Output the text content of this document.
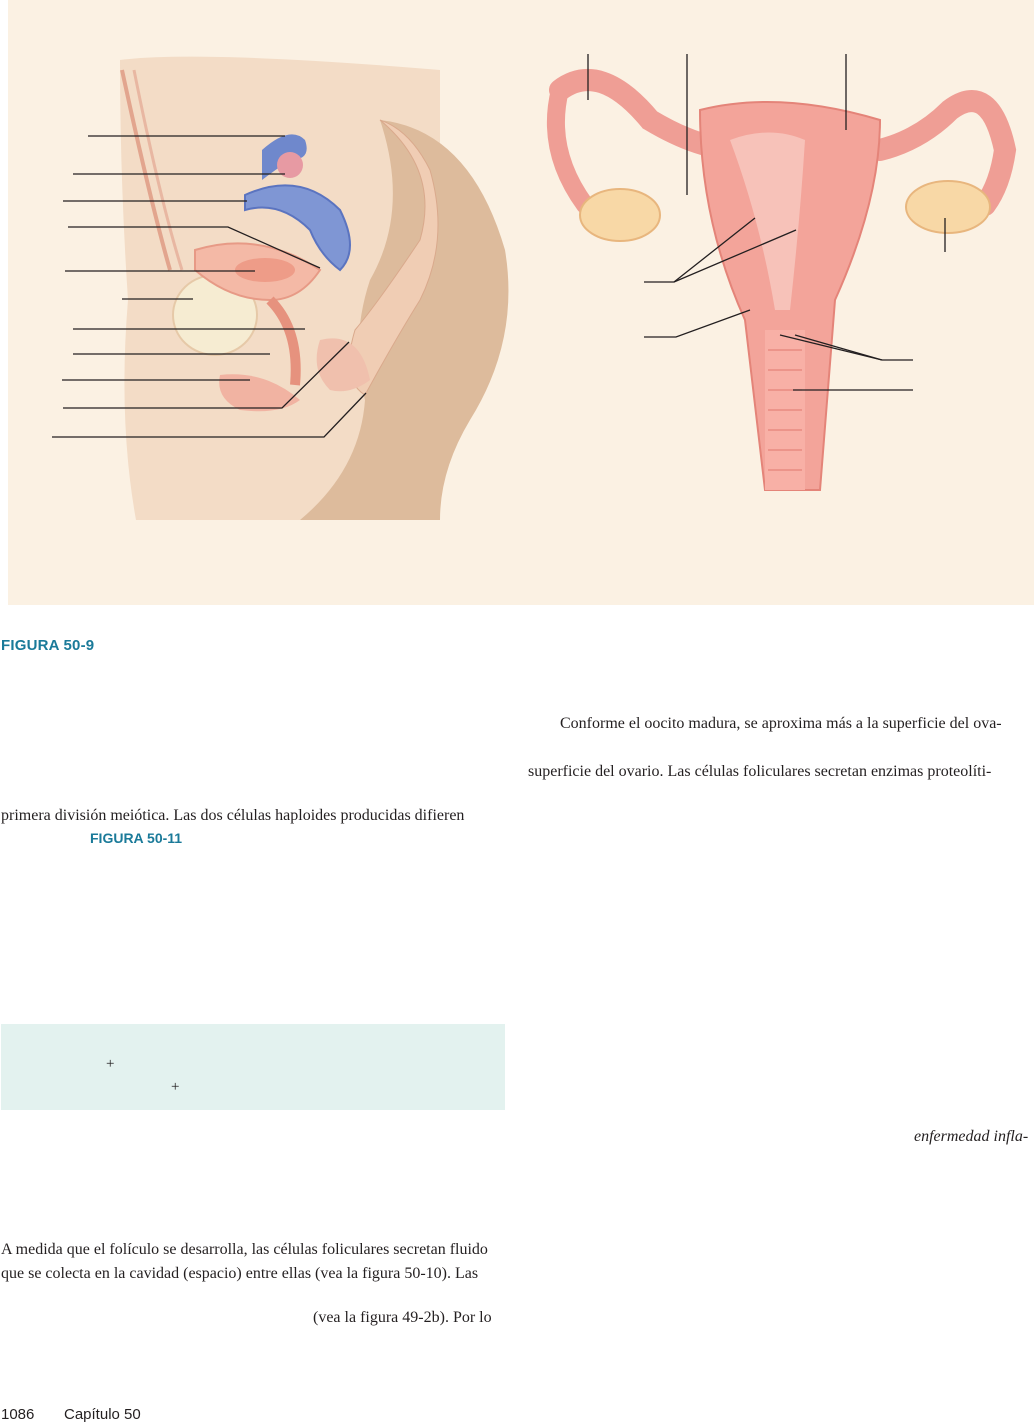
FIGURA 50-9
primera división meiótica. Las dos células haploides producidas difieren
FIGURA 50-11
+
+
A medida que el folículo se desarrolla, las células foliculares secretan fluido
que se colecta en la cavidad (espacio) entre ellas (vea la figura 50-10). Las
(vea la figura 49-2b). Por lo
Conforme el oocito madura, se aproxima más a la superficie del ova-
superficie del ovario. Las células foliculares secretan enzimas proteolíti-
enfermedad infla-
1086 Capítulo 50
